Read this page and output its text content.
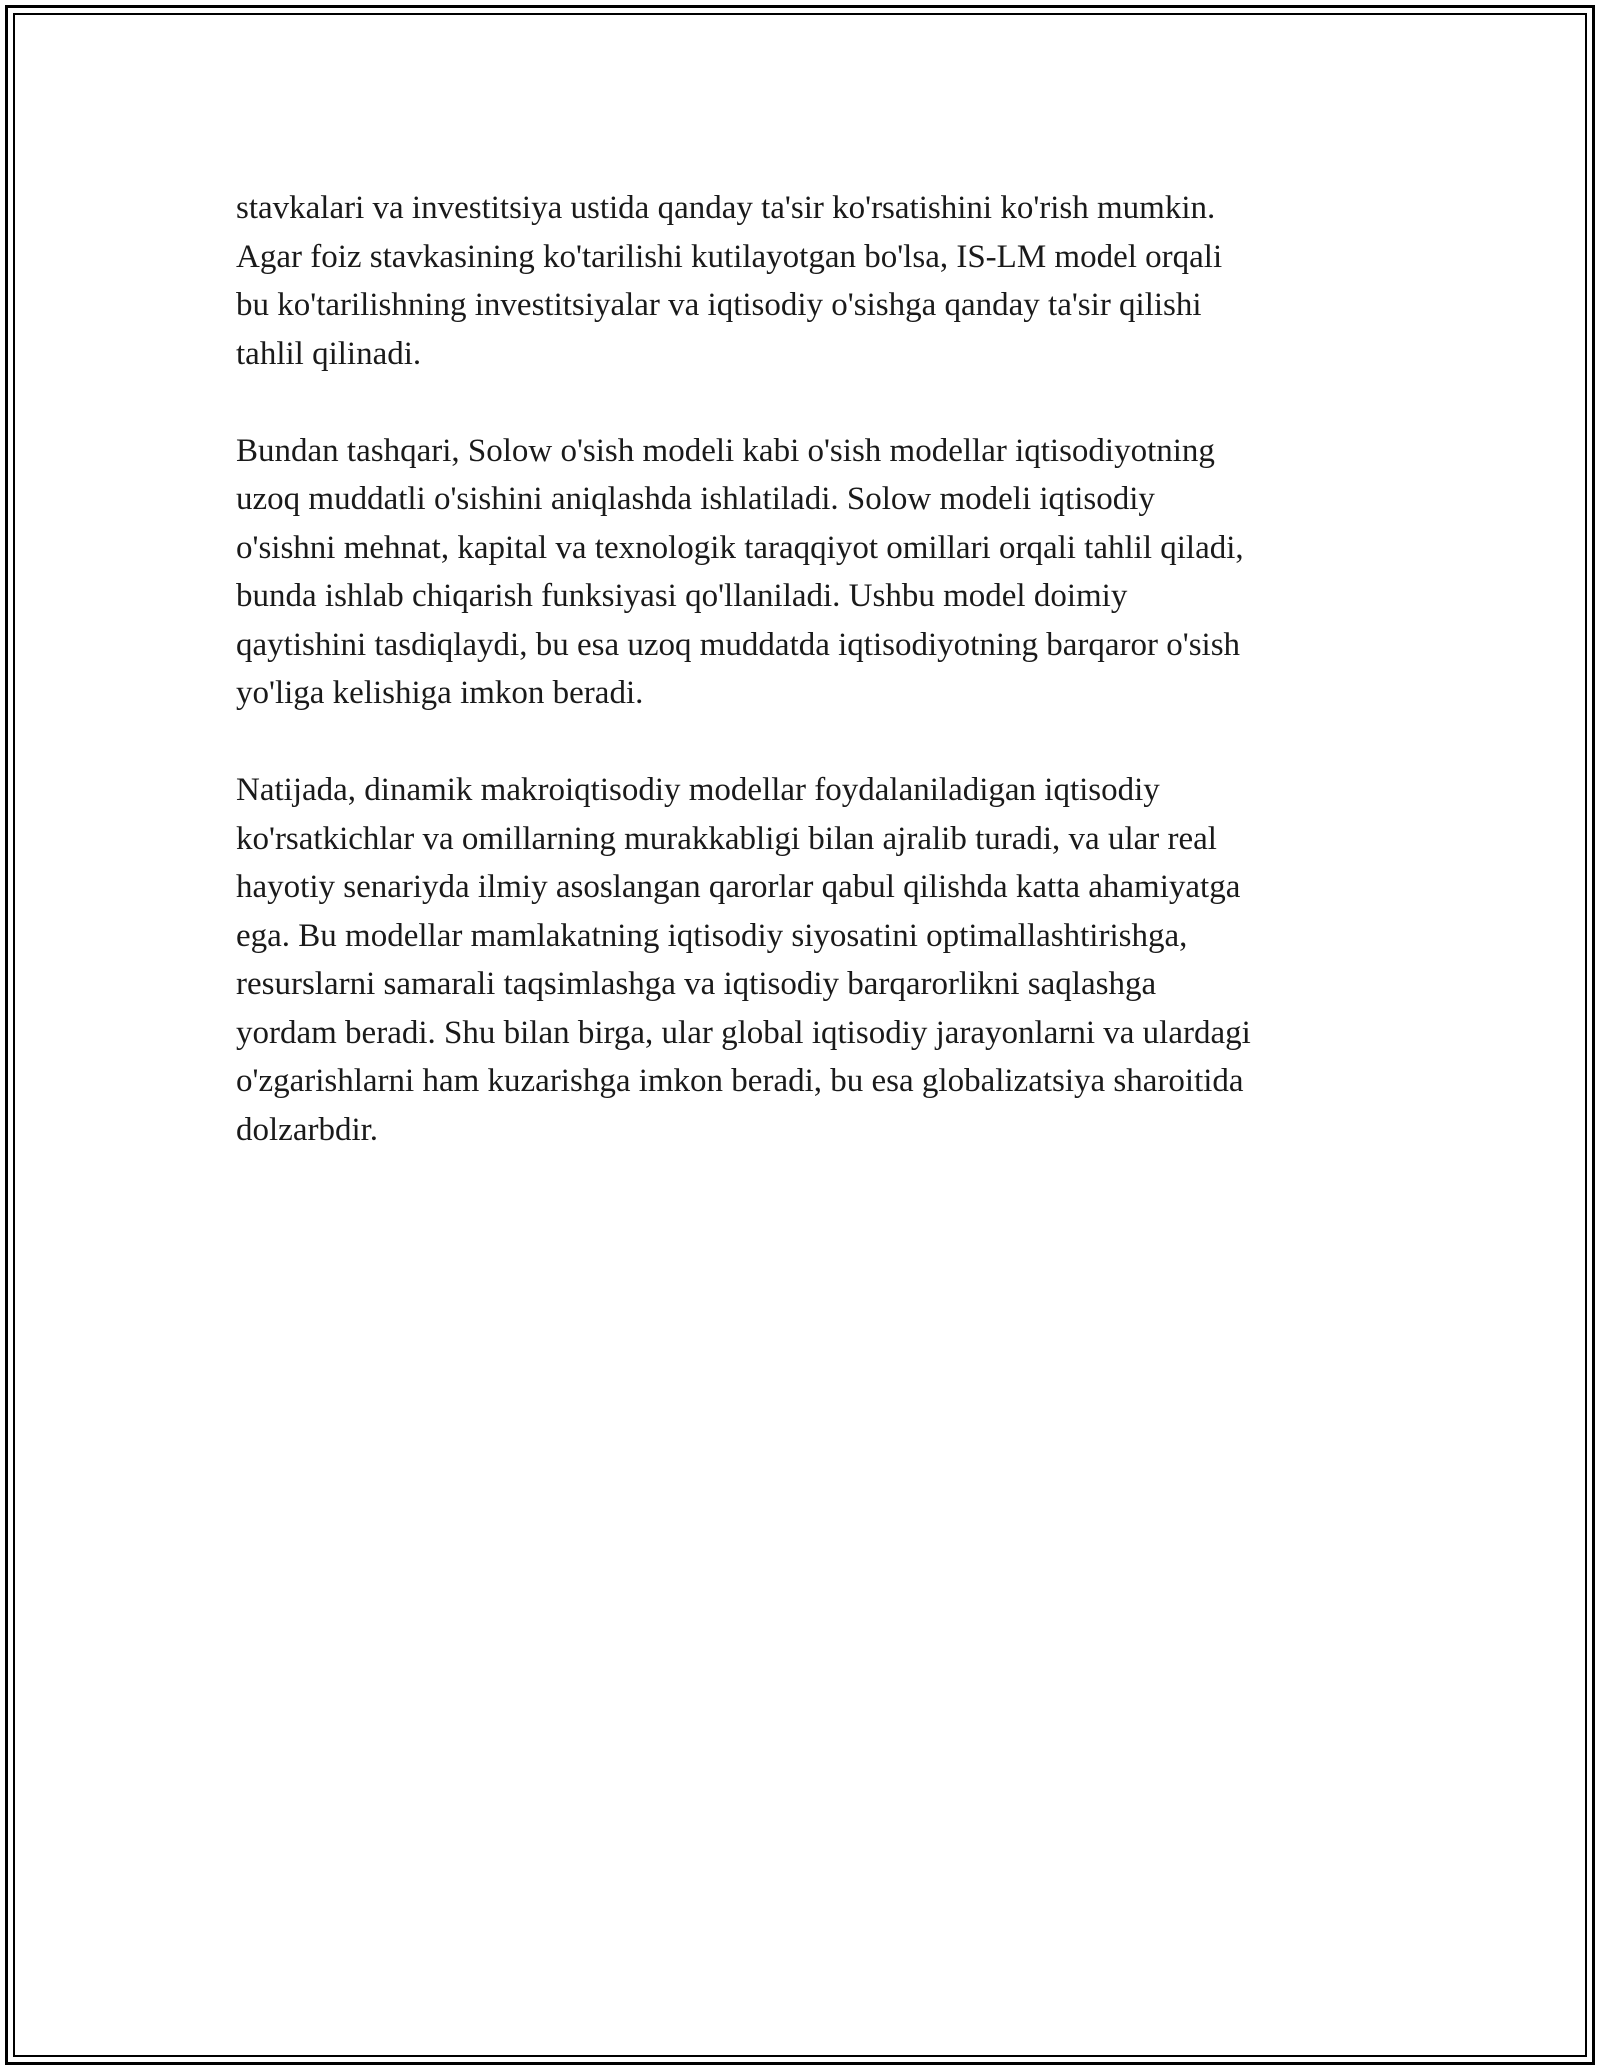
stavkalari va investitsiya ustida qanday ta'sir ko'rsatishini ko'rish mumkin.
Agar foiz stavkasining ko'tarilishi kutilayotgan bo'lsa, IS-LM model orqali
bu ko'tarilishning investitsiyalar va iqtisodiy o'sishga qanday ta'sir qilishi
tahlil qilinadi.

Bundan tashqari, Solow o'sish modeli kabi o'sish modellar iqtisodiyotning
uzoq muddatli o'sishini aniqlashda ishlatiladi. Solow modeli iqtisodiy
o'sishni mehnat, kapital va texnologik taraqqiyot omillari orqali tahlil qiladi,
bunda ishlab chiqarish funksiyasi qo'llaniladi. Ushbu model doimiy
qaytishini tasdiqlaydi, bu esa uzoq muddatda iqtisodiyotning barqaror o'sish
yo'liga kelishiga imkon beradi.

Natijada, dinamik makroiqtisodiy modellar foydalaniladigan iqtisodiy
ko'rsatkichlar va omillarning murakkabligi bilan ajralib turadi, va ular real
hayotiy senariyda ilmiy asoslangan qarorlar qabul qilishda katta ahamiyatga
ega. Bu modellar mamlakatning iqtisodiy siyosatini optimallashtirishga,
resurslarni samarali taqsimlashga va iqtisodiy barqarorlikni saqlashga
yordam beradi. Shu bilan birga, ular global iqtisodiy jarayonlarni va ulardagi
o'zgarishlarni ham kuzarishga imkon beradi, bu esa globalizatsiya sharoitida
dolzarbdir.
